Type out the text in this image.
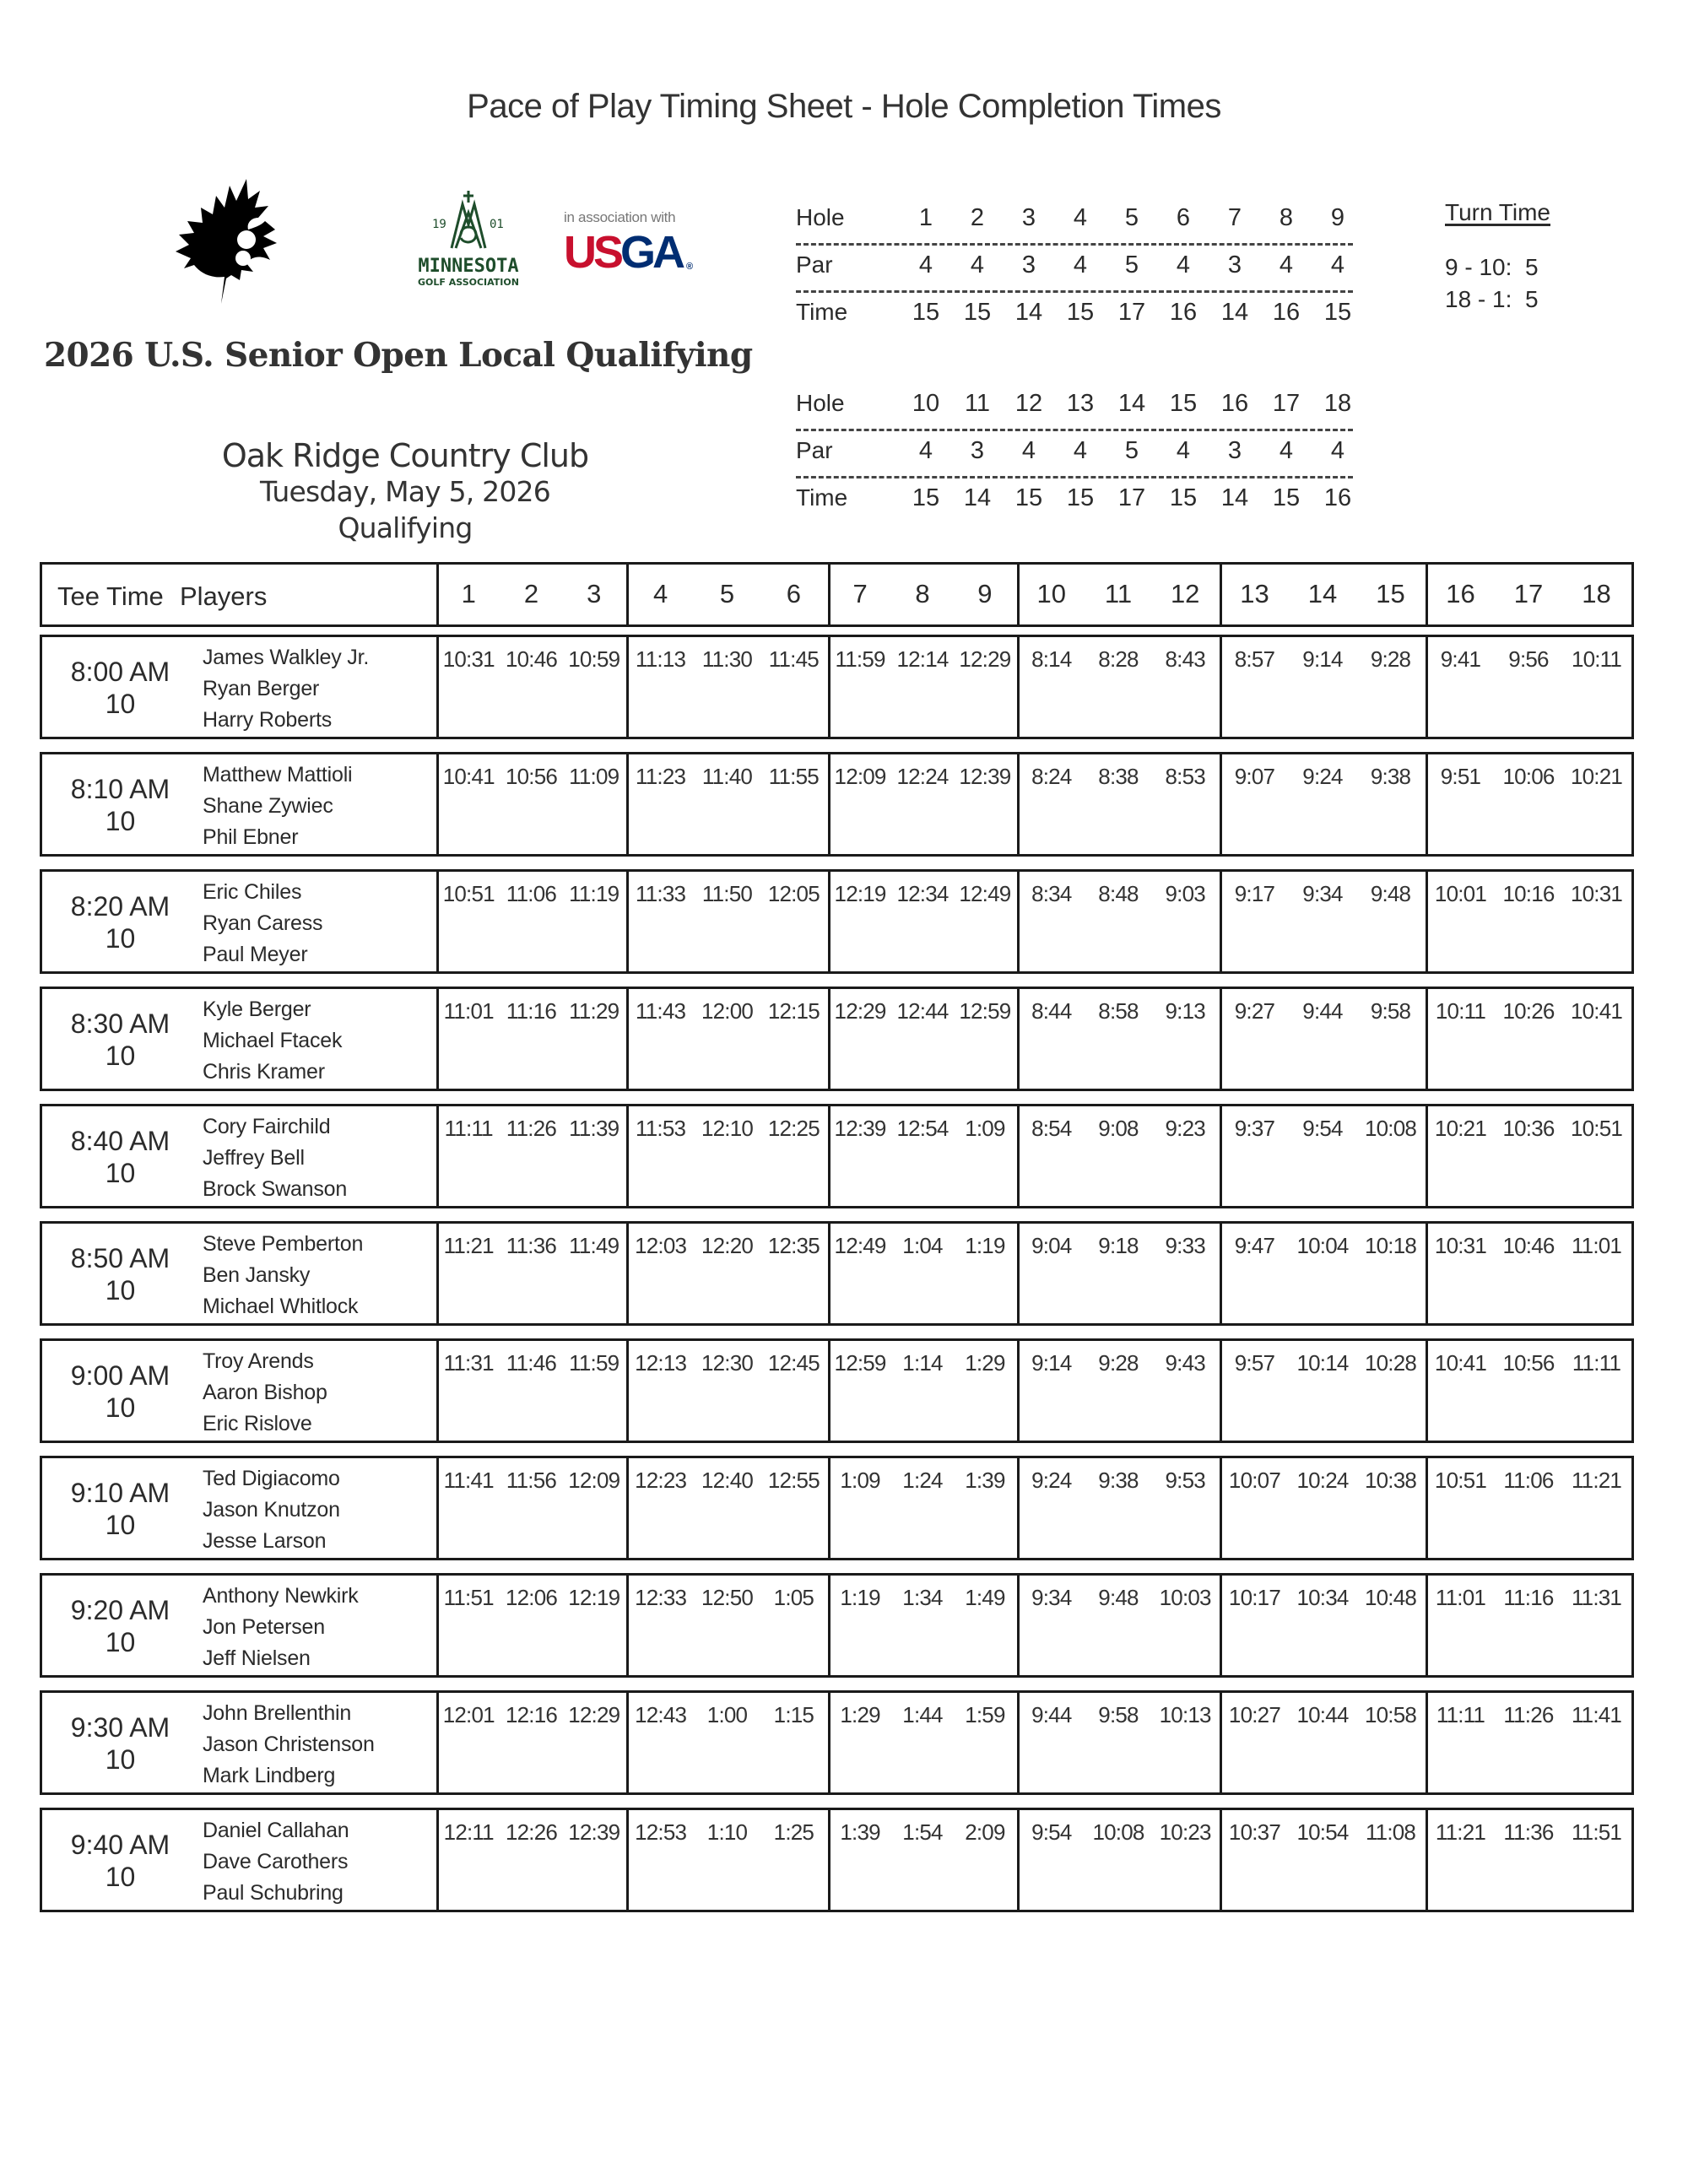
Pace of Play Timing Sheet - Hole Completion Times
19	01
MINNESOTA
GOLF ASSOCIATION
in association with
USGA ®
2026 U.S. Senior Open Local Qualifying
Oak Ridge Country Club
Tuesday, May 5, 2026
Qualifying
Hole	1	2	3	4	5	6	7	8	9
Par	4	4	3	4	5	4	3	4	4
Time	15 15 14 15 17 16 14 16 15
Hole	10	11	12 13 14 15 16 17 18
Par	4	3	4	4	5	4	3	4	4
Time	15 14 15 15 17 15 14 15 16
Turn Time
9 - 10:  5
18 - 1:  5
Tee Time Players	1	2	3	4	5	6	7	8	9	10	11	12	13	14	15	16	17	18
8:00 AM
10
James Walkley Jr.
Ryan Berger
Harry Roberts
10:31 10:46 10:59 11:13 11:30 11:45 11:59 12:14 12:29 8:14	8:28	8:43	8:57	9:14	9:28	9:41	9:56	10:11
8:10 AM
10
Matthew Mattioli
Shane Zywiec
Phil Ebner
10:41 10:56 11:09 11:23 11:40 11:55 12:09 12:24 12:39 8:24	8:38	8:53	9:07	9:24	9:38	9:51	10:06 10:21
8:20 AM
10
Eric Chiles
Ryan Caress
Paul Meyer
10:51 11:06 11:19 11:33 11:50 12:05 12:19 12:34 12:49 8:34	8:48	9:03	9:17	9:34	9:48	10:01 10:16 10:31
8:30 AM
10
Kyle Berger
Michael Ftacek
Chris Kramer
11:01 11:16 11:29 11:43 12:00 12:15 12:29 12:44 12:59 8:44	8:58	9:13	9:27	9:44	9:58	10:11 10:26 10:41
8:40 AM
10
Cory Fairchild
Jeffrey Bell
Brock Swanson
11:11 11:26 11:39 11:53 12:10 12:25 12:39 12:54 1:09	8:54	9:08	9:23	9:37	9:54	10:08 10:21 10:36 10:51
8:50 AM
10
Steve Pemberton
Ben Jansky
Michael Whitlock
11:21 11:36 11:49 12:03 12:20 12:35 12:49 1:04	1:19	9:04	9:18	9:33	9:47	10:04 10:18 10:31 10:46 11:01
9:00 AM
10
Troy Arends
Aaron Bishop
Eric Rislove
11:31 11:46 11:59 12:13 12:30 12:45 12:59 1:14	1:29	9:14	9:28	9:43	9:57	10:14 10:28 10:41 10:56 11:11
9:10 AM
10
Ted Digiacomo
Jason Knutzon
Jesse Larson
11:41 11:56 12:09 12:23 12:40 12:55 1:09	1:24	1:39	9:24	9:38	9:53	10:07 10:24 10:38 10:51 11:06 11:21
9:20 AM
10
Anthony Newkirk
Jon Petersen
Jeff Nielsen
11:51 12:06 12:19 12:33 12:50 1:05	1:19	1:34	1:49	9:34	9:48 10:03 10:17 10:34 10:48 11:01 11:16 11:31
9:30 AM
10
John Brellenthin
Jason Christenson
Mark Lindberg
12:01 12:16 12:29 12:43 1:00	1:15	1:29	1:44	1:59	9:44	9:58 10:13 10:27 10:44 10:58 11:11 11:26 11:41
9:40 AM
10
Daniel Callahan
Dave Carothers
Paul Schubring
12:11 12:26 12:39 12:53 1:10	1:25	1:39	1:54	2:09	9:54 10:08 10:23 10:37 10:54 11:08 11:21 11:36 11:51
